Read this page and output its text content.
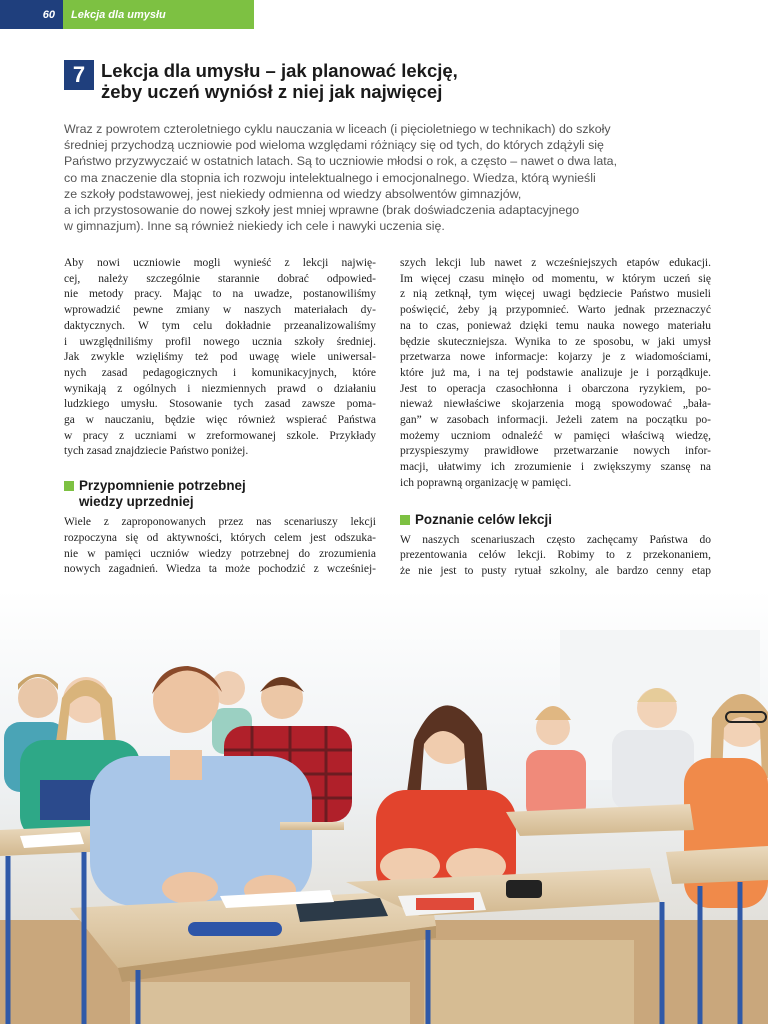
60	Lekcja dla umysłu
7 Lekcja dla umysłu – jak planować lekcję,
żeby uczeń wyniósł z niej jak najwięcej
Wraz z powrotem czteroletniego cyklu nauczania w liceach (i pięcioletniego w technikach) do szkoły
średniej przychodzą uczniowie pod wieloma względami różniący się od tych, do których zdążyli się
Państwo przyzwyczaić w ostatnich latach. Są to uczniowie młodsi o rok, a często – nawet o dwa lata,
co ma znaczenie dla stopnia ich rozwoju intelektualnego i emocjonalnego. Wiedza, którą wynieśli
ze szkoły podstawowej, jest niekiedy odmienna od wiedzy absolwentów gimnazjów,
a ich przystosowanie do nowej szkoły jest mniej wprawne (brak doświadczenia adaptacyjnego
w gimnazjum). Inne są również niekiedy ich cele i nawyki uczenia się.

Aby nowi uczniowie mogli wynieść z lekcji najwię-

cej, należy szczególnie starannie dobrać odpowied-

nie metody pracy. Mając to na uwadze, postanowiliśmy

wprowadzić pewne zmiany w naszych materiałach dy-

daktycznych. W tym celu dokładnie przeanalizowaliśmy

i uwzględniliśmy profil nowego ucznia szkoły średniej.

Jak zwykle wzięliśmy też pod uwagę wiele uniwersal-

nych zasad pedagogicznych i komunikacyjnych, które

wynikają z ogólnych i niezmiennych prawd o działaniu

ludzkiego umysłu. Stosowanie tych zasad zawsze poma-

ga w nauczaniu, będzie więc również wspierać Państwa

w pracy z uczniami w zreformowanej szkole. Przykłady

tych zasad znajdziecie Państwo poniżej.

Przypomnienie potrzebnej
wiedzy uprzedniej

Wiele z zaproponowanych przez nas scenariuszy lekcji

rozpoczyna się od aktywności, których celem jest odszuka-

nie w pamięci uczniów wiedzy potrzebnej do zrozumienia

nowych zagadnień. Wiedza ta może pochodzić z wcześniej-

szych lekcji lub nawet z wcześniejszych etapów edukacji.

Im więcej czasu minęło od momentu, w którym uczeń się

z nią zetknął, tym więcej uwagi będziecie Państwo musieli

poświęcić, żeby ją przypomnieć. Warto jednak przeznaczyć

na to czas, ponieważ dzięki temu nauka nowego materiału

będzie skuteczniejsza. Wynika to ze sposobu, w jaki umysł

przetwarza nowe informacje: kojarzy je z wiadomościami,

które już ma, i na tej podstawie analizuje je i porządkuje.

Jest to operacja czasochłonna i obarczona ryzykiem, po-

nieważ niewłaściwe skojarzenia mogą spowodować „bała-

gan” w zasobach informacji. Jeżeli zatem na początku po-

możemy uczniom odnaleźć w pamięci właściwą wiedzę,

przyspieszymy prawidłowe przetwarzanie nowych infor-

macji, ułatwimy ich zrozumienie i zwiększymy szansę na

ich poprawną organizację w pamięci.

Poznanie celów lekcji

W naszych scenariuszach często zachęcamy Państwa do

prezentowania celów lekcji. Robimy to z przekonaniem,

że nie jest to pusty rytuał szkolny, ale bardzo cenny etap
